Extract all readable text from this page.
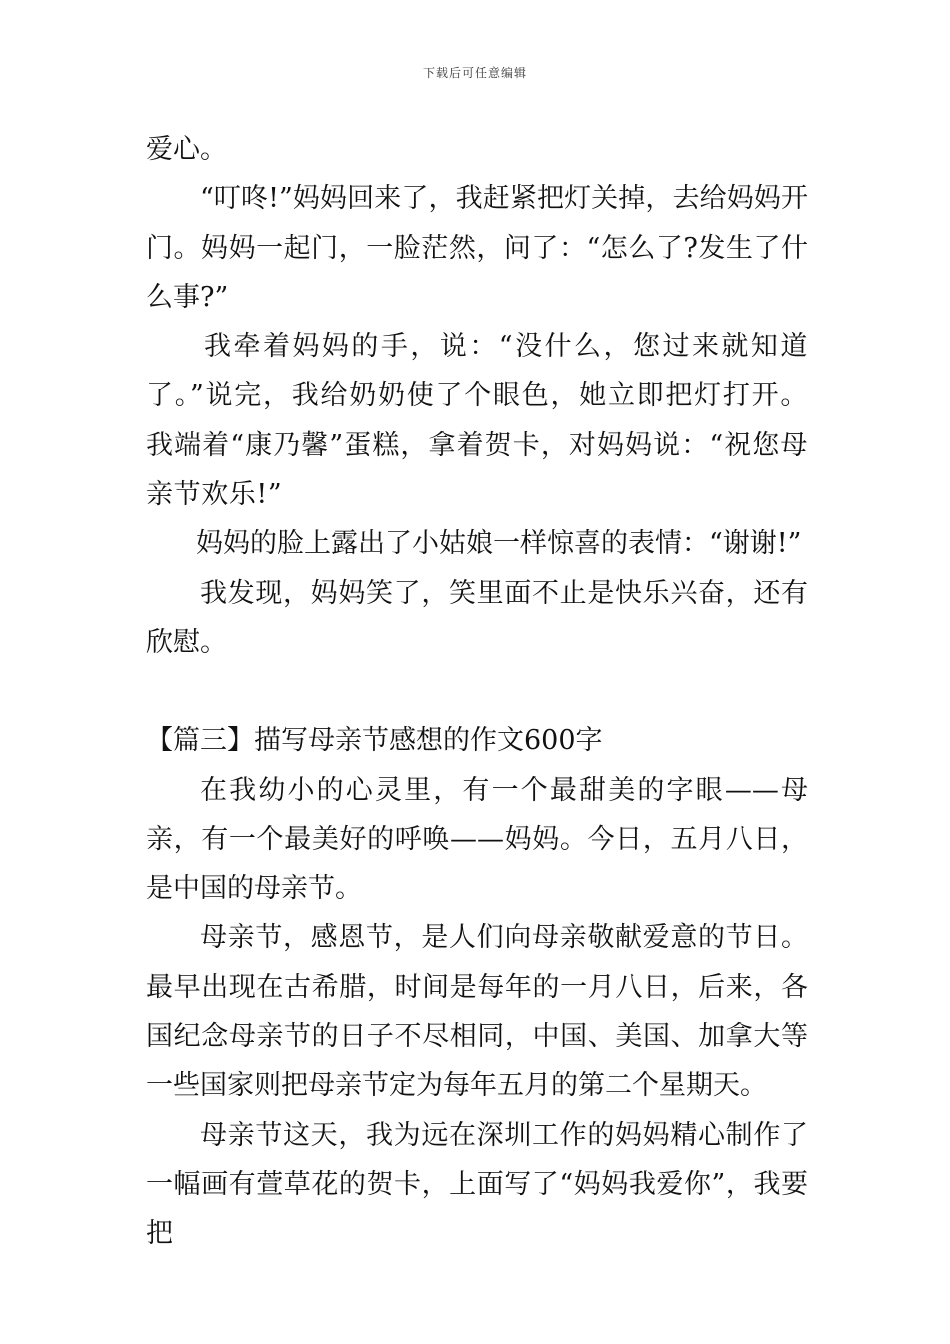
下载后可任意编辑

爱心。

“叮咚!”妈妈回来了，我赶紧把灯关掉，去给妈妈开门。妈妈一起门，一脸茫然，问了：“怎么了?发生了什么事?”

我牵着妈妈的手，说：“没什么，您过来就知道了。”说完，我给奶奶使了个眼色，她立即把灯打开。我端着“康乃馨”蛋糕，拿着贺卡，对妈妈说：“祝您母亲节欢乐!”

妈妈的脸上露出了小姑娘一样惊喜的表情：“谢谢!”

我发现，妈妈笑了，笑里面不止是快乐兴奋，还有欣慰。

【篇三】描写母亲节感想的作文600字

在我幼小的心灵里，有一个最甜美的字眼——母亲，有一个最美好的呼唤——妈妈。今日，五月八日，是中国的母亲节。

母亲节，感恩节，是人们向母亲敬献爱意的节日。最早出现在古希腊，时间是每年的一月八日，后来，各国纪念母亲节的日子不尽相同，中国、美国、加拿大等一些国家则把母亲节定为每年五月的第二个星期天。

母亲节这天，我为远在深圳工作的妈妈精心制作了一幅画有萱草花的贺卡，上面写了“妈妈我爱你”，我要把
